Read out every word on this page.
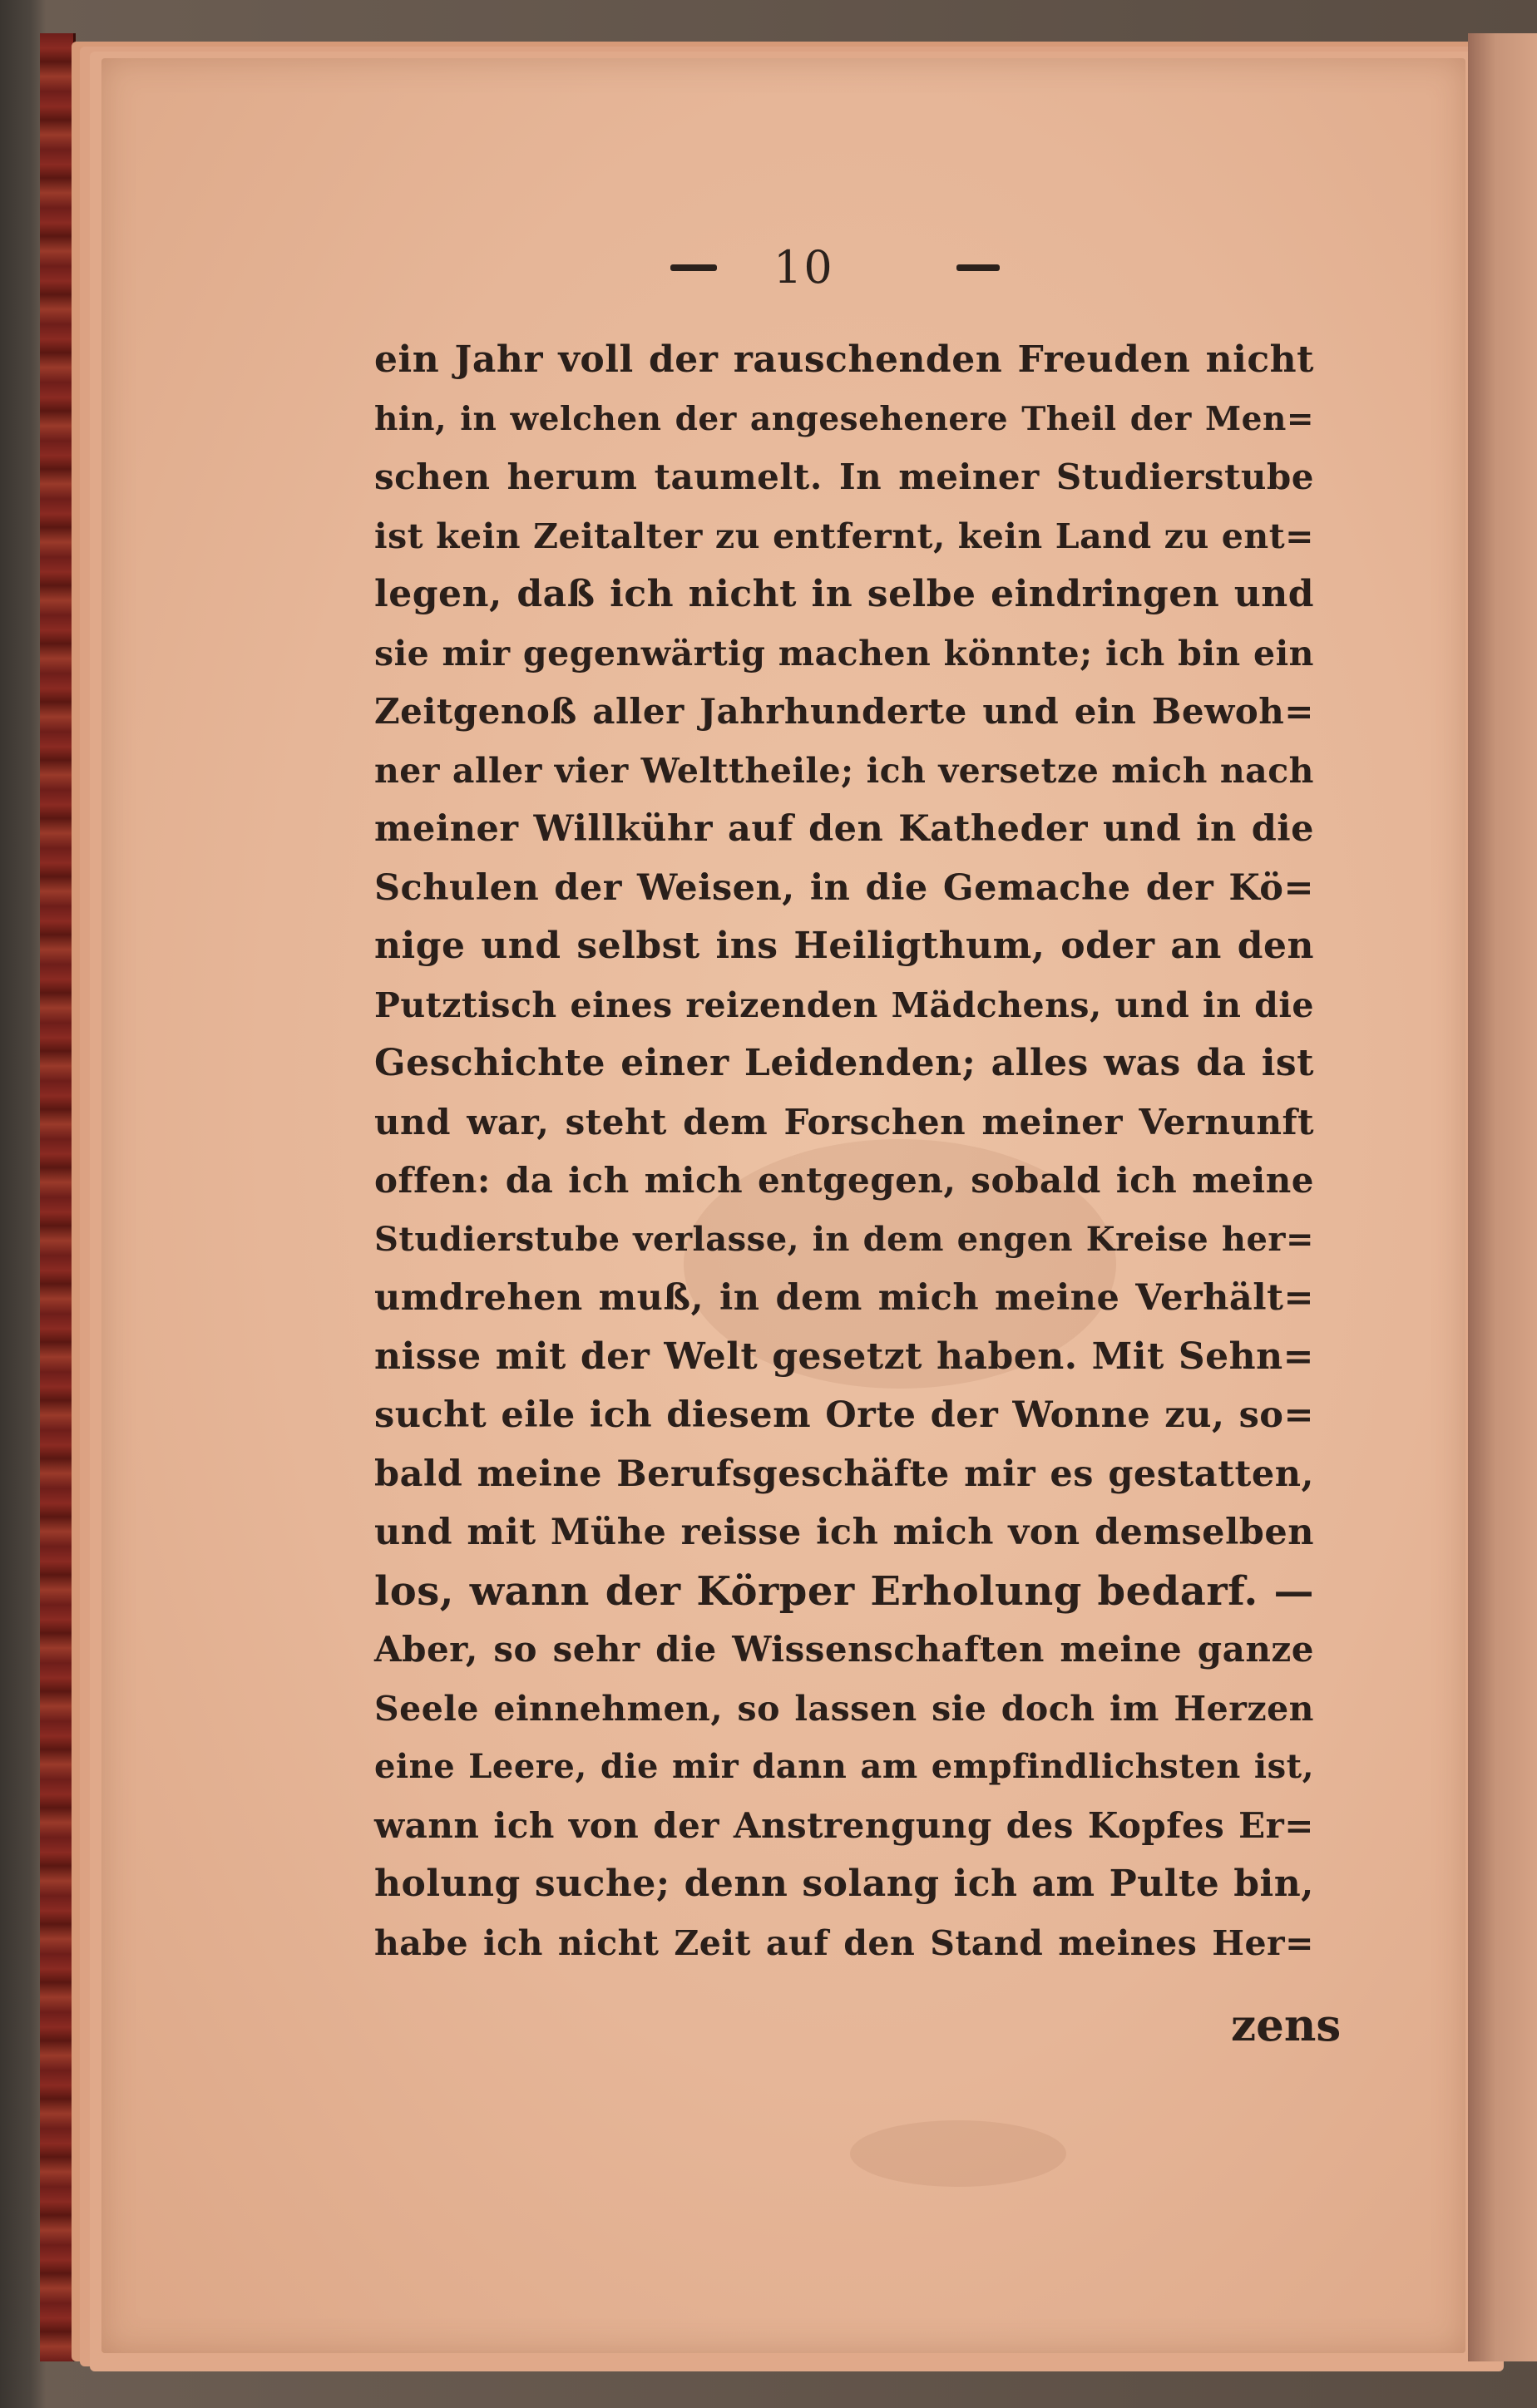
10
ein Jahr voll der rauschenden Freuden nicht
hin, in welchen der angesehenere Theil der Men=
schen herum taumelt. In meiner Studierstube
ist kein Zeitalter zu entfernt, kein Land zu ent=
legen, daß ich nicht in selbe eindringen und
sie mir gegenwärtig machen könnte; ich bin ein
Zeitgenoß aller Jahrhunderte und ein Bewoh=
ner aller vier Welttheile; ich versetze mich nach
meiner Willkühr auf den Katheder und in die
Schulen der Weisen, in die Gemache der Kö=
nige und selbst ins Heiligthum, oder an den
Putztisch eines reizenden Mädchens, und in die
Geschichte einer Leidenden; alles was da ist
und war, steht dem Forschen meiner Vernunft
offen: da ich mich entgegen, sobald ich meine
Studierstube verlasse, in dem engen Kreise her=
umdrehen muß, in dem mich meine Verhält=
nisse mit der Welt gesetzt haben. Mit Sehn=
sucht eile ich diesem Orte der Wonne zu, so=
bald meine Berufsgeschäfte mir es gestatten,
und mit Mühe reisse ich mich von demselben
los, wann der Körper Erholung bedarf. —
Aber, so sehr die Wissenschaften meine ganze
Seele einnehmen, so lassen sie doch im Herzen
eine Leere, die mir dann am empfindlichsten ist,
wann ich von der Anstrengung des Kopfes Er=
holung suche; denn solang ich am Pulte bin,
habe ich nicht Zeit auf den Stand meines Her=
zens
